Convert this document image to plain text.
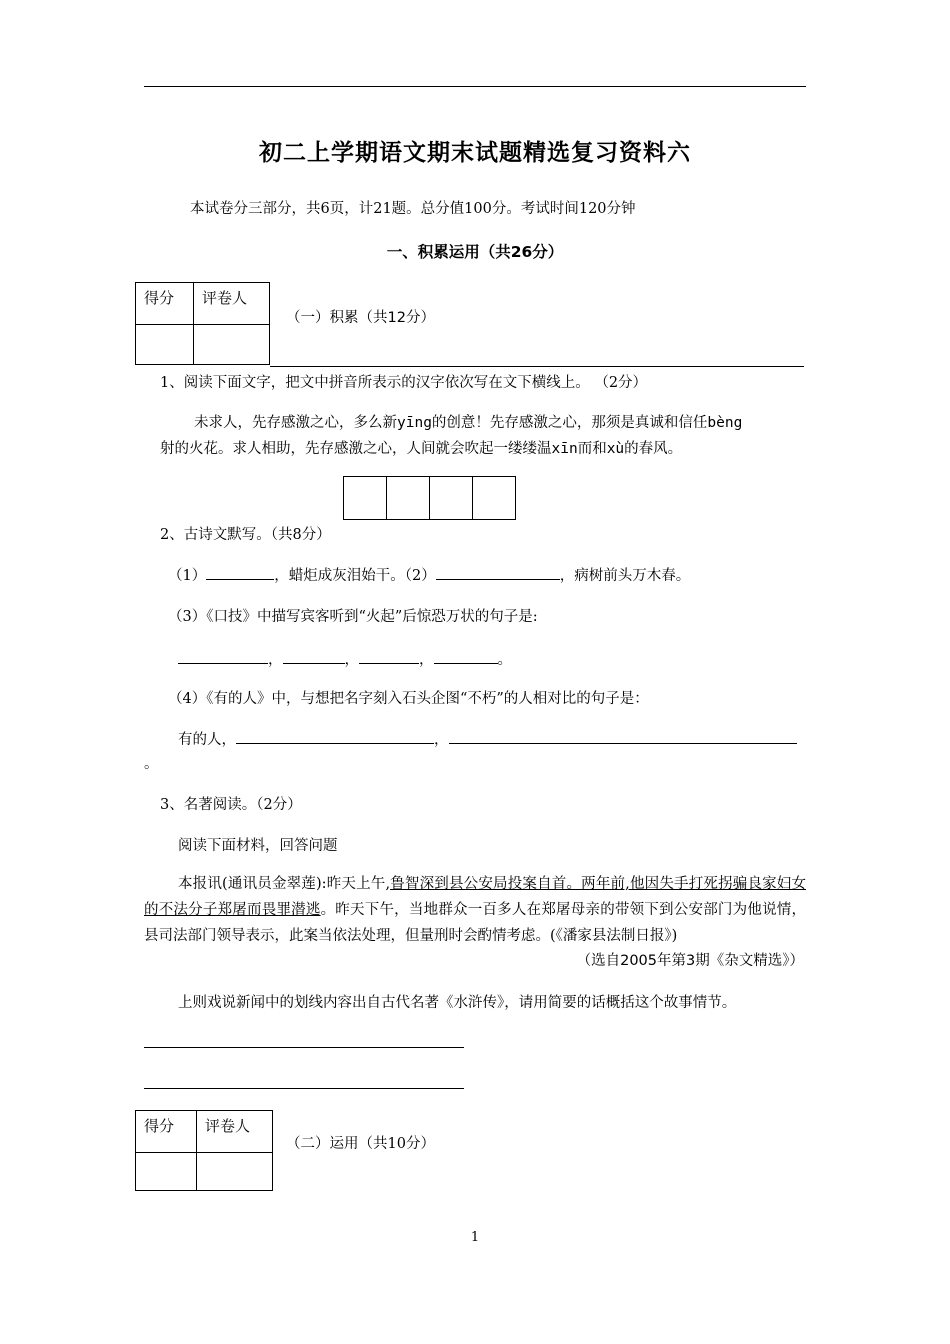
初二上学期语文期末试题精选复习资料六
本试卷分三部分，共6页，计21题。总分值100分。考试时间120分钟
一、积累运用（共26分）
得分	评卷人

（一）积累（共12分）
1、阅读下面文字，把文中拼音所表示的汉字依次写在文下横线上。 （2分）
未求人，先存感激之心，多么新yīng的创意！先存感激之心，那须是真诚和信任bèng
射的火花。求人相助，先存感激之心，人间就会吹起一缕缕温xīn而和xù的春风。
2、古诗文默写。（共8分）
（1）	，蜡炬成灰泪始干。（2）	，病树前头万木春。
（3）《口技》中描写宾客听到“火起”后惊恐万状的句子是:
，	，	，	。
（4）《有的人》中，与想把名字刻入石头企图“不朽”的人相对比的句子是：
有的人，	，
。
3、名著阅读。（2分）
阅读下面材料，回答问题
本报讯(通讯员金翠莲):昨天上午,鲁智深到县公安局投案自首。两年前,他因失手打死拐骗良家妇女的不法分子郑屠而畏罪潜逃。昨天下午，当地群众一百多人在郑屠母亲的带领下到公安部门为他说情，县司法部门领导表示，此案当依法处理，但量刑时会酌情考虑。(《潘家县法制日报》)
（选自2005年第3期《杂文精选》）
上则戏说新闻中的划线内容出自古代名著《水浒传》，请用简要的话概括这个故事情节。
得分	评卷人

（二）运用（共10分）
1
